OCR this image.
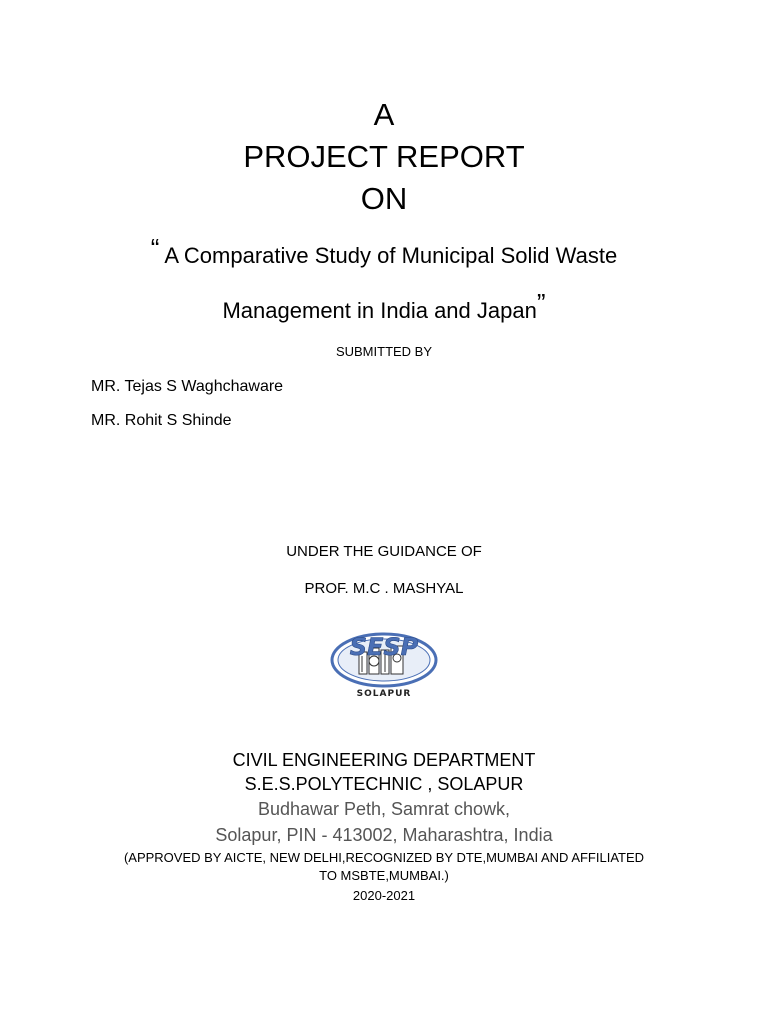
A
PROJECT REPORT
ON
“ A Comparative Study of Municipal Solid Waste
Management in India and Japan”
SUBMITTED BY
MR. Tejas S Waghchaware
MR. Rohit S Shinde
UNDER THE GUIDANCE OF
PROF. M.C . MASHYAL
SESP
SOLAPUR
CIVIL ENGINEERING DEPARTMENT
S.E.S.POLYTECHNIC , SOLAPUR
Budhawar Peth, Samrat chowk,
Solapur, PIN - 413002, Maharashtra, India
(APPROVED BY AICTE, NEW DELHI,RECOGNIZED BY DTE,MUMBAI AND AFFILIATED
TO MSBTE,MUMBAI.)
2020-2021
